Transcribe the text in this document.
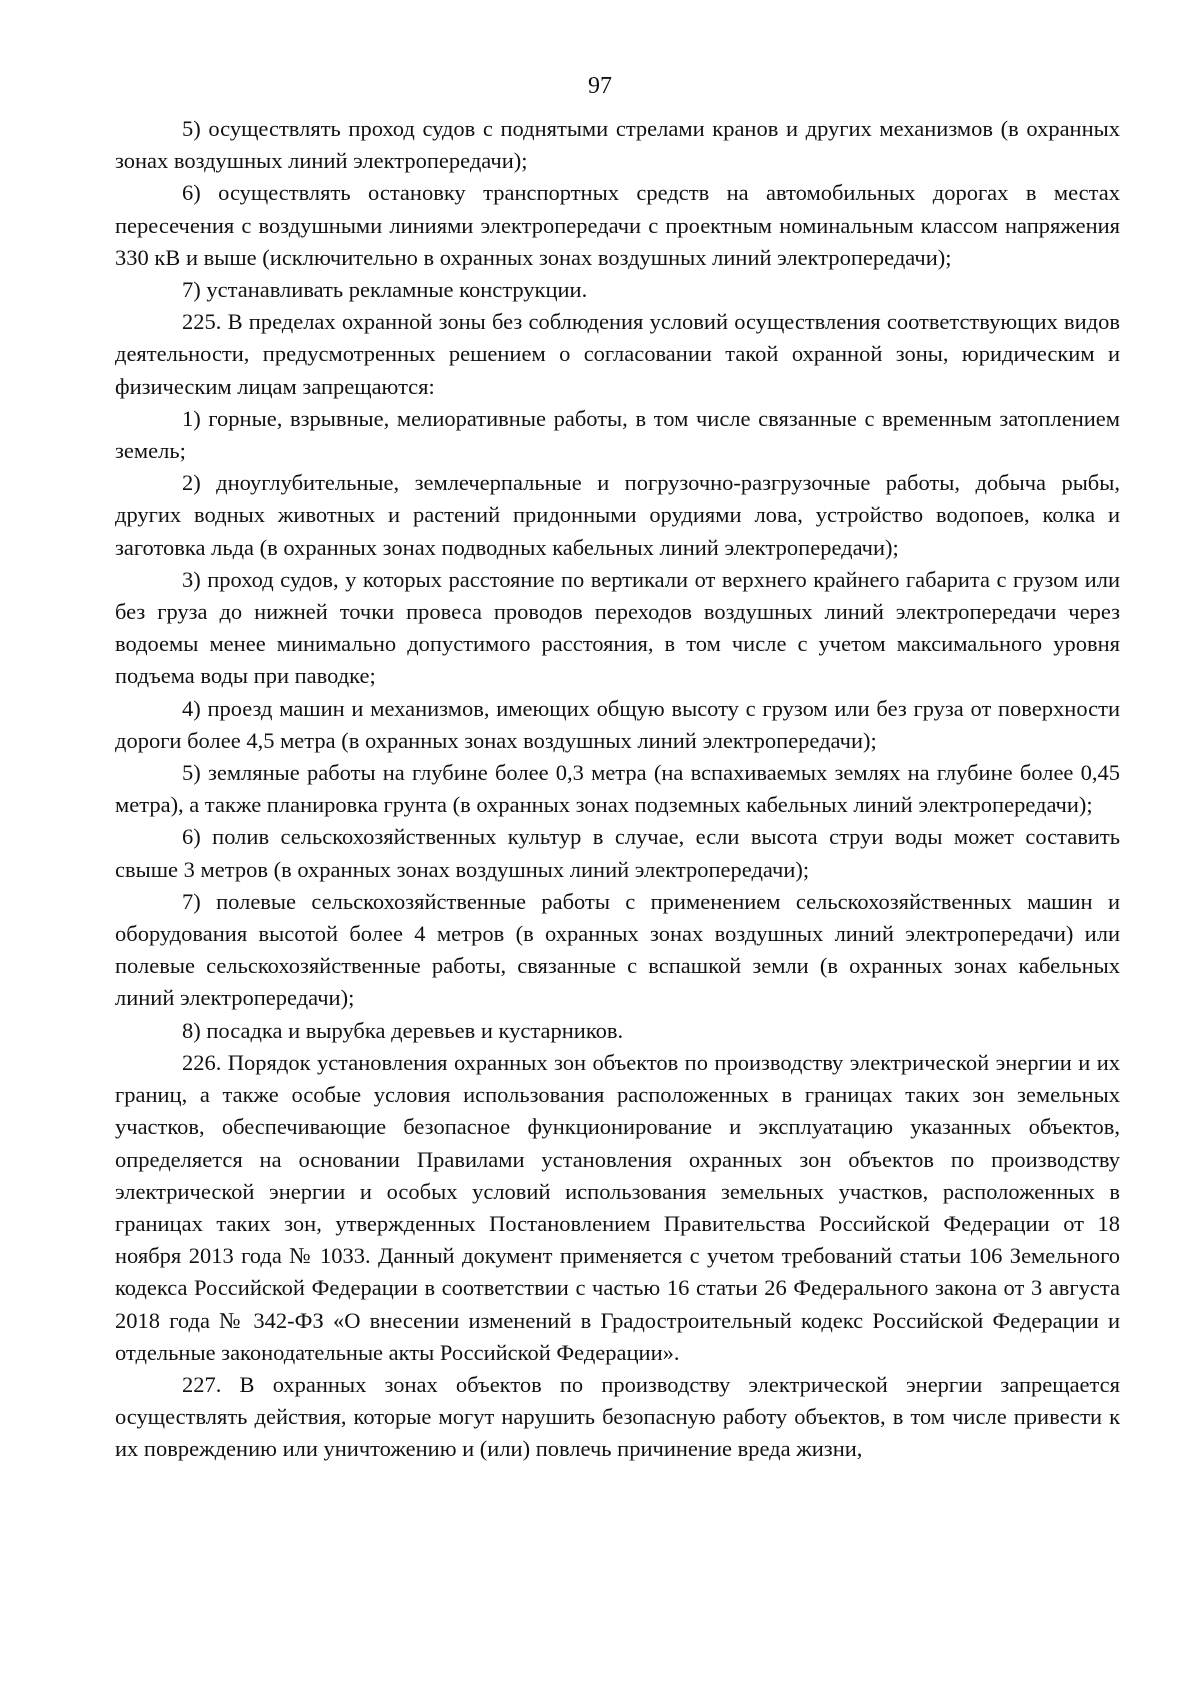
97

5) осуществлять проход судов с поднятыми стрелами кранов и других механизмов (в охранных зонах воздушных линий электропередачи);

6) осуществлять остановку транспортных средств на автомобильных дорогах в местах пересечения с воздушными линиями электропередачи с проектным номинальным классом напряжения 330 кВ и выше (исключительно в охранных зонах воздушных линий электропередачи);

7) устанавливать рекламные конструкции.

225. В пределах охранной зоны без соблюдения условий осуществления соответствующих видов деятельности, предусмотренных решением о согласовании такой охранной зоны, юридическим и физическим лицам запрещаются:

1) горные, взрывные, мелиоративные работы, в том числе связанные с временным затоплением земель;

2) дноуглубительные, землечерпальные и погрузочно-разгрузочные работы, добыча рыбы, других водных животных и растений придонными орудиями лова, устройство водопоев, колка и заготовка льда (в охранных зонах подводных кабельных линий электропередачи);

3) проход судов, у которых расстояние по вертикали от верхнего крайнего габарита с грузом или без груза до нижней точки провеса проводов переходов воздушных линий электропередачи через водоемы менее минимально допустимого расстояния, в том числе с учетом максимального уровня подъема воды при паводке;

4) проезд машин и механизмов, имеющих общую высоту с грузом или без груза от поверхности дороги более 4,5 метра (в охранных зонах воздушных линий электропередачи);

5) земляные работы на глубине более 0,3 метра (на вспахиваемых землях на глубине более 0,45 метра), а также планировка грунта (в охранных зонах подземных кабельных линий электропередачи);

6) полив сельскохозяйственных культур в случае, если высота струи воды может составить свыше 3 метров (в охранных зонах воздушных линий электропередачи);

7) полевые сельскохозяйственные работы с применением сельскохозяйственных машин и оборудования высотой более 4 метров (в охранных зонах воздушных линий электропередачи) или полевые сельскохозяйственные работы, связанные с вспашкой земли (в охранных зонах кабельных линий электропередачи);

8) посадка и вырубка деревьев и кустарников.

226. Порядок установления охранных зон объектов по производству электрической энергии и их границ, а также особые условия использования расположенных в границах таких зон земельных участков, обеспечивающие безопасное функционирование и эксплуатацию указанных объектов, определяется на основании Правилами установления охранных зон объектов по производству электрической энергии и особых условий использования земельных участков, расположенных в границах таких зон, утвержденных Постановлением Правительства Российской Федерации от 18 ноября 2013 года № 1033. Данный документ применяется с учетом требований статьи 106 Земельного кодекса Российской Федерации в соответствии с частью 16 статьи 26 Федерального закона от 3 августа 2018 года № 342-ФЗ «О внесении изменений в Градостроительный кодекс Российской Федерации и отдельные законодательные акты Российской Федерации».

227. В охранных зонах объектов по производству электрической энергии запрещается осуществлять действия, которые могут нарушить безопасную работу объектов, в том числе привести к их повреждению или уничтожению и (или) повлечь причинение вреда жизни,
